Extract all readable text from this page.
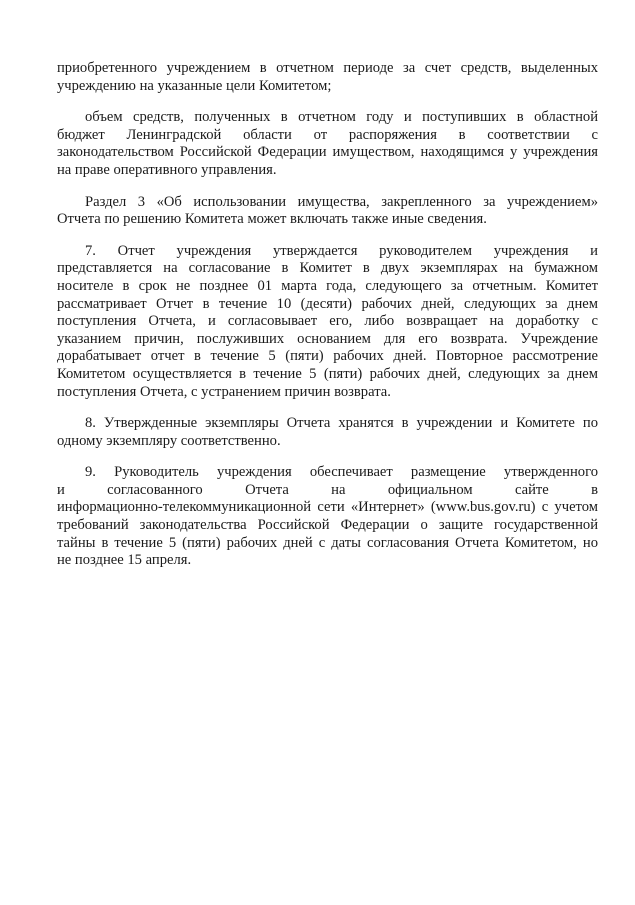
приобретенного учреждением в отчетном периоде за счет средств, выделенных
учреждению на указанные цели Комитетом;
объем средств, полученных в отчетном году и поступивших в областной
бюджет Ленинградской области от распоряжения в соответствии с
законодательством Российской Федерации имуществом, находящимся у учреждения
на праве оперативного управления.
Раздел 3 «Об использовании имущества, закрепленного за учреждением»
Отчета по решению Комитета может включать также иные сведения.
7. Отчет учреждения утверждается руководителем учреждения и
представляется на согласование в Комитет в двух экземплярах на бумажном
носителе в срок не позднее 01 марта года, следующего за отчетным. Комитет
рассматривает Отчет в течение 10 (десяти) рабочих дней, следующих за днем
поступления Отчета, и согласовывает его, либо возвращает на доработку с
указанием причин, послуживших основанием для его возврата. Учреждение
дорабатывает отчет в течение 5 (пяти) рабочих дней. Повторное рассмотрение
Комитетом осуществляется в течение 5 (пяти) рабочих дней, следующих за днем
поступления Отчета, с устранением причин возврата.
8. Утвержденные экземпляры Отчета хранятся в учреждении и Комитете по
одному экземпляру соответственно.
9. Руководитель учреждения обеспечивает размещение утвержденного
и согласованного Отчета на официальном сайте в
информационно-телекоммуникационной сети «Интернет» (www.bus.gov.ru) с учетом
требований законодательства Российской Федерации о защите государственной
тайны в течение 5 (пяти) рабочих дней с даты согласования Отчета Комитетом, но
не позднее 15 апреля.
